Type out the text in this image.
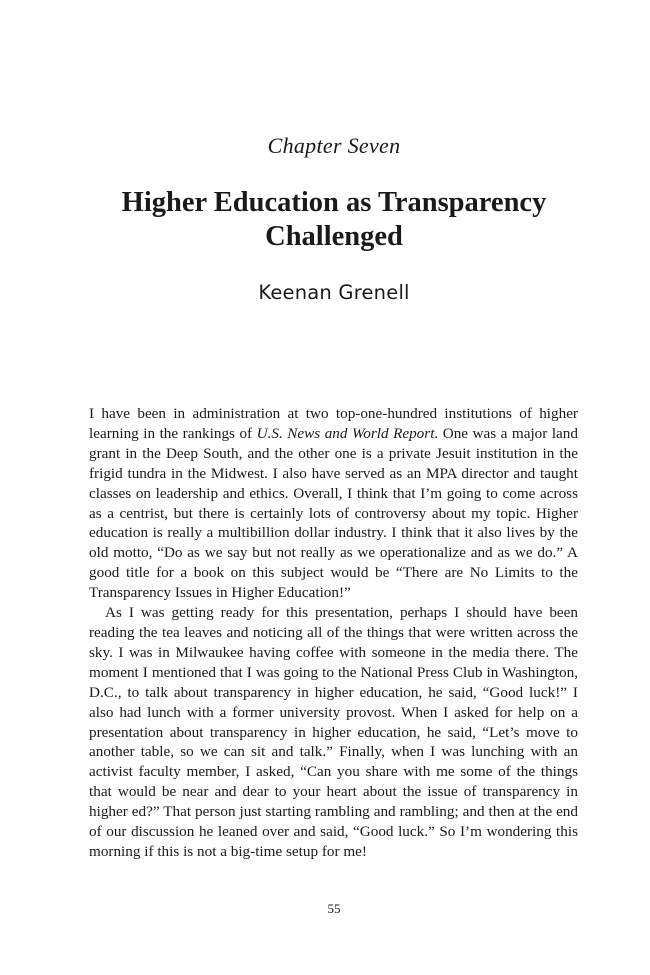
Chapter Seven
Higher Education as Transparency
Challenged
Keenan Grenell

I have been in administration at two top-one-hundred institutions of higher learning in the rankings of U.S. News and World Report. One was a major land grant in the Deep South, and the other one is a private Jesuit institution in the frigid tundra in the Midwest. I also have served as an MPA director and taught classes on leadership and ethics. Overall, I think that I’m going to come across as a centrist, but there is certainly lots of controversy about my topic. Higher education is really a multibillion dollar industry. I think that it also lives by the old motto, “Do as we say but not really as we operationalize and as we do.” A good title for a book on this subject would be “There are No Limits to the Transparency Issues in Higher Education!”

As I was getting ready for this presentation, perhaps I should have been reading the tea leaves and noticing all of the things that were written across the sky. I was in Milwaukee having coffee with someone in the media there. The moment I mentioned that I was going to the National Press Club in Washington, D.C., to talk about transparency in higher education, he said, “Good luck!” I also had lunch with a former university provost. When I asked for help on a presentation about transparency in higher education, he said, “Let’s move to another table, so we can sit and talk.” Finally, when I was lunching with an activist faculty member, I asked, “Can you share with me some of the things that would be near and dear to your heart about the issue of transparency in higher ed?” That person just starting rambling and rambling; and then at the end of our discussion he leaned over and said, “Good luck.” So I’m wondering this morning if this is not a big-time setup for me!

55
